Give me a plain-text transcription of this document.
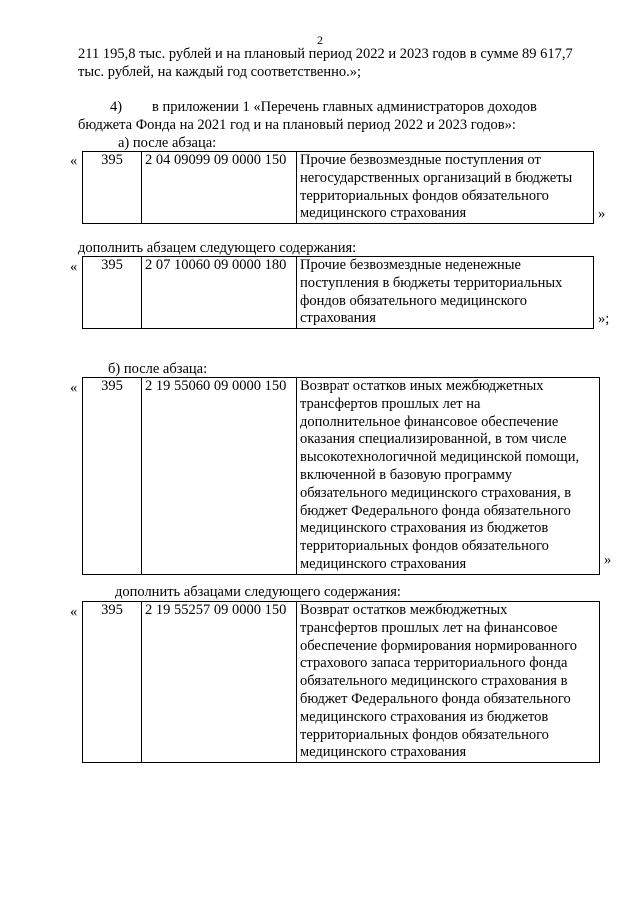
2
211 195,8 тыс. рублей и на плановый период 2022 и 2023 годов в сумме 89 617,7
тыс. рублей, на каждый год соответственно.»;
4) в приложении 1 «Перечень главных администраторов доходов
бюджета Фонда на 2021 год и на плановый период 2022 и 2023 годов»:
а) после абзаца:
« 395	2 04 09099 09 0000 150	Прочие безвозмездные поступления от
негосударственных организаций в бюджеты
территориальных фондов обязательного
медицинского страхования	»
дополнить абзацем следующего содержания:
« 395	2 07 10060 09 0000 180	Прочие безвозмездные неденежные
поступления в бюджеты территориальных
фондов обязательного медицинского
страхования	»;
б) после абзаца:
« 395	2 19 55060 09 0000 150	Возврат остатков иных межбюджетных
трансфертов прошлых лет на
дополнительное финансовое обеспечение
оказания специализированной, в том числе
высокотехнологичной медицинской помощи,
включенной в базовую программу
обязательного медицинского страхования, в
бюджет Федерального фонда обязательного
медицинского страхования из бюджетов
территориальных фондов обязательного
медицинского страхования	»
дополнить абзацами следующего содержания:
« 395	2 19 55257 09 0000 150	Возврат остатков межбюджетных
трансфертов прошлых лет на финансовое
обеспечение формирования нормированного
страхового запаса территориального фонда
обязательного медицинского страхования в
бюджет Федерального фонда обязательного
медицинского страхования из бюджетов
территориальных фондов обязательного
медицинского страхования
